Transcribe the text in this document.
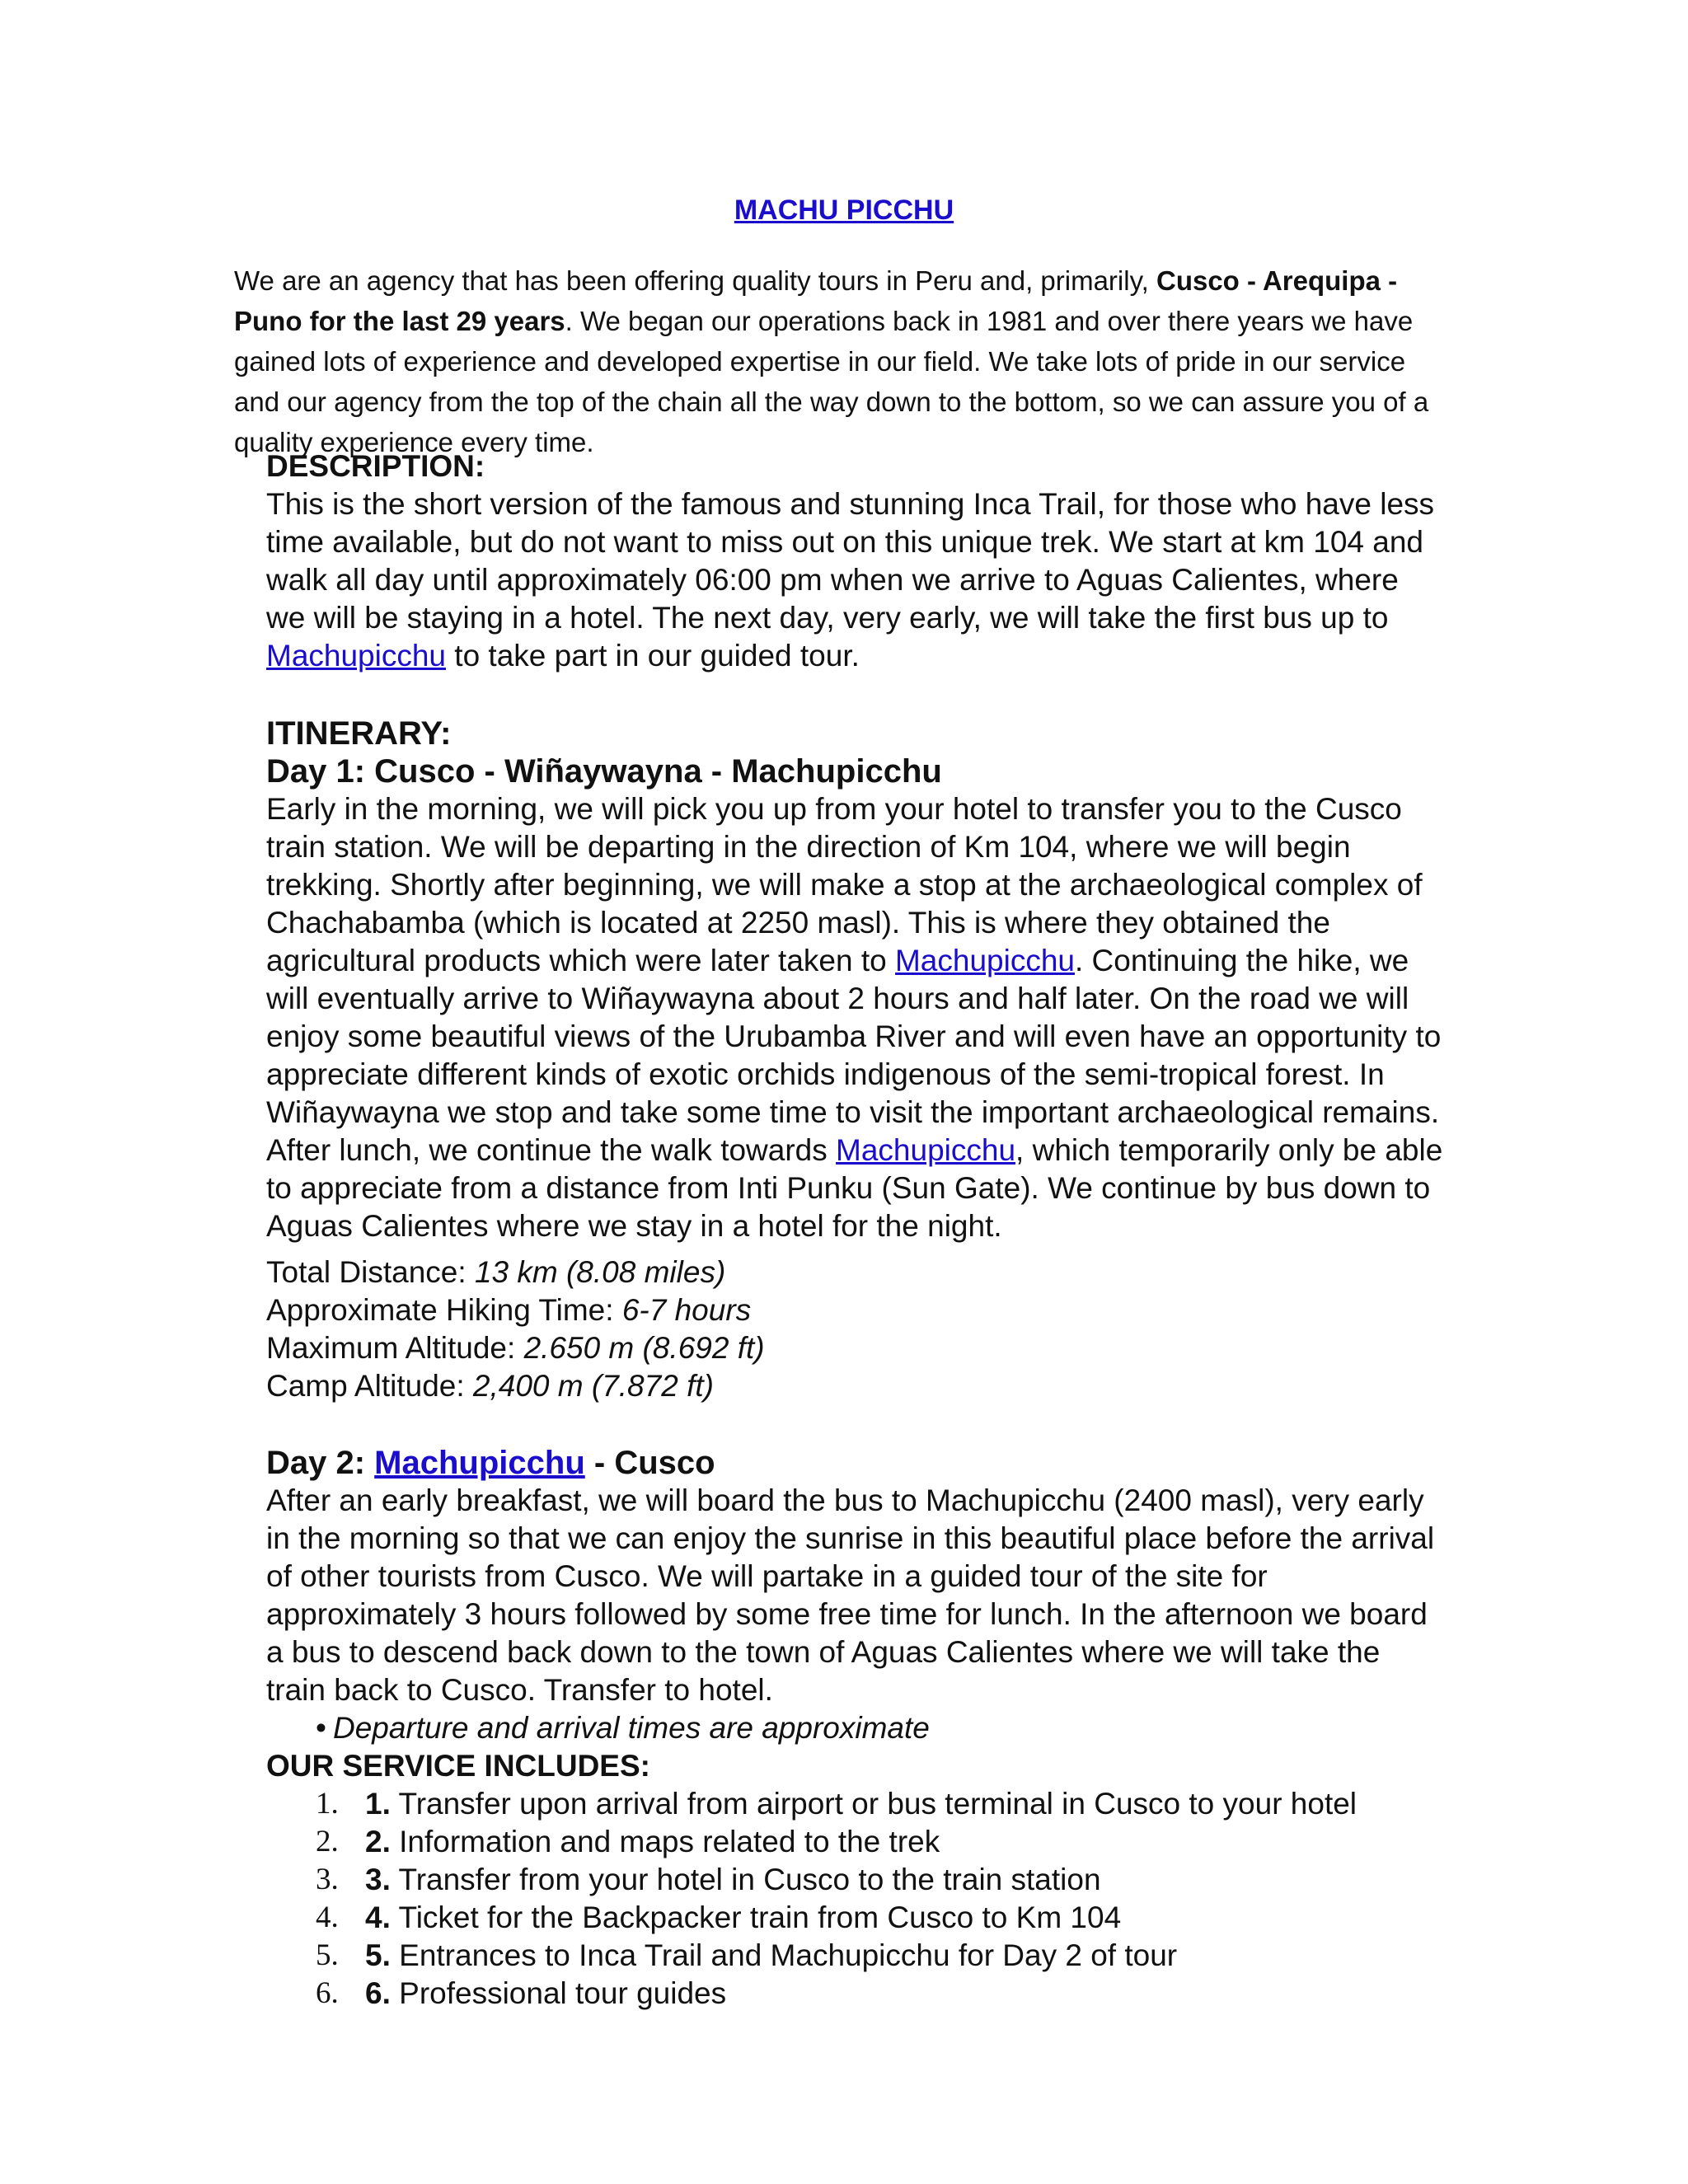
MACHU PICCHU
We are an agency that has been offering quality tours in Peru and, primarily, Cusco - Arequipa - Puno for the last 29 years. We began our operations back in 1981 and over there years we have gained lots of experience and developed expertise in our field. We take lots of pride in our service and our agency from the top of the chain all the way down to the bottom, so we can assure you of a quality experience every time.

DESCRIPTION:

This is the short version of the famous and stunning Inca Trail, for those who have less time available, but do not want to miss out on this unique trek. We start at km 104 and walk all day until approximately 06:00 pm when we arrive to Aguas Calientes, where we will be staying in a hotel. The next day, very early, we will take the first bus up to Machupicchu to take part in our guided tour.

ITINERARY:

Day 1: Cusco - Wiñaywayna - Machupicchu

Early in the morning, we will pick you up from your hotel to transfer you to the Cusco train station. We will be departing in the direction of Km 104, where we will begin trekking. Shortly after beginning, we will make a stop at the archaeological complex of Chachabamba (which is located at 2250 masl). This is where they obtained the agricultural products which were later taken to Machupicchu. Continuing the hike, we will eventually arrive to Wiñaywayna about 2 hours and half later. On the road we will enjoy some beautiful views of the Urubamba River and will even have an opportunity to appreciate different kinds of exotic orchids indigenous of the semi-tropical forest. In Wiñaywayna we stop and take some time to visit the important archaeological remains. After lunch, we continue the walk towards Machupicchu, which temporarily only be able to appreciate from a distance from Inti Punku (Sun Gate). We continue by bus down to Aguas Calientes where we stay in a hotel for the night.

Total Distance: 13 km (8.08 miles)

Approximate Hiking Time: 6-7 hours

Maximum Altitude: 2.650 m (8.692 ft)

Camp Altitude: 2,400 m (7.872 ft)

Day 2: Machupicchu - Cusco

After an early breakfast, we will board the bus to Machupicchu (2400 masl), very early in the morning so that we can enjoy the sunrise in this beautiful place before the arrival of other tourists from Cusco. We will partake in a guided tour of the site for approximately 3 hours followed by some free time for lunch. In the afternoon we board a bus to descend back down to the town of Aguas Calientes where we will take the train back to Cusco. Transfer to hotel.

• Departure and arrival times are approximate

OUR SERVICE INCLUDES:

1. 1. Transfer upon arrival from airport or bus terminal in Cusco to your hotel
2. 2. Information and maps related to the trek
3. 3. Transfer from your hotel in Cusco to the train station
4. 4. Ticket for the Backpacker train from Cusco to Km 104
5. 5. Entrances to Inca Trail and Machupicchu for Day 2 of tour
6. 6. Professional tour guides
